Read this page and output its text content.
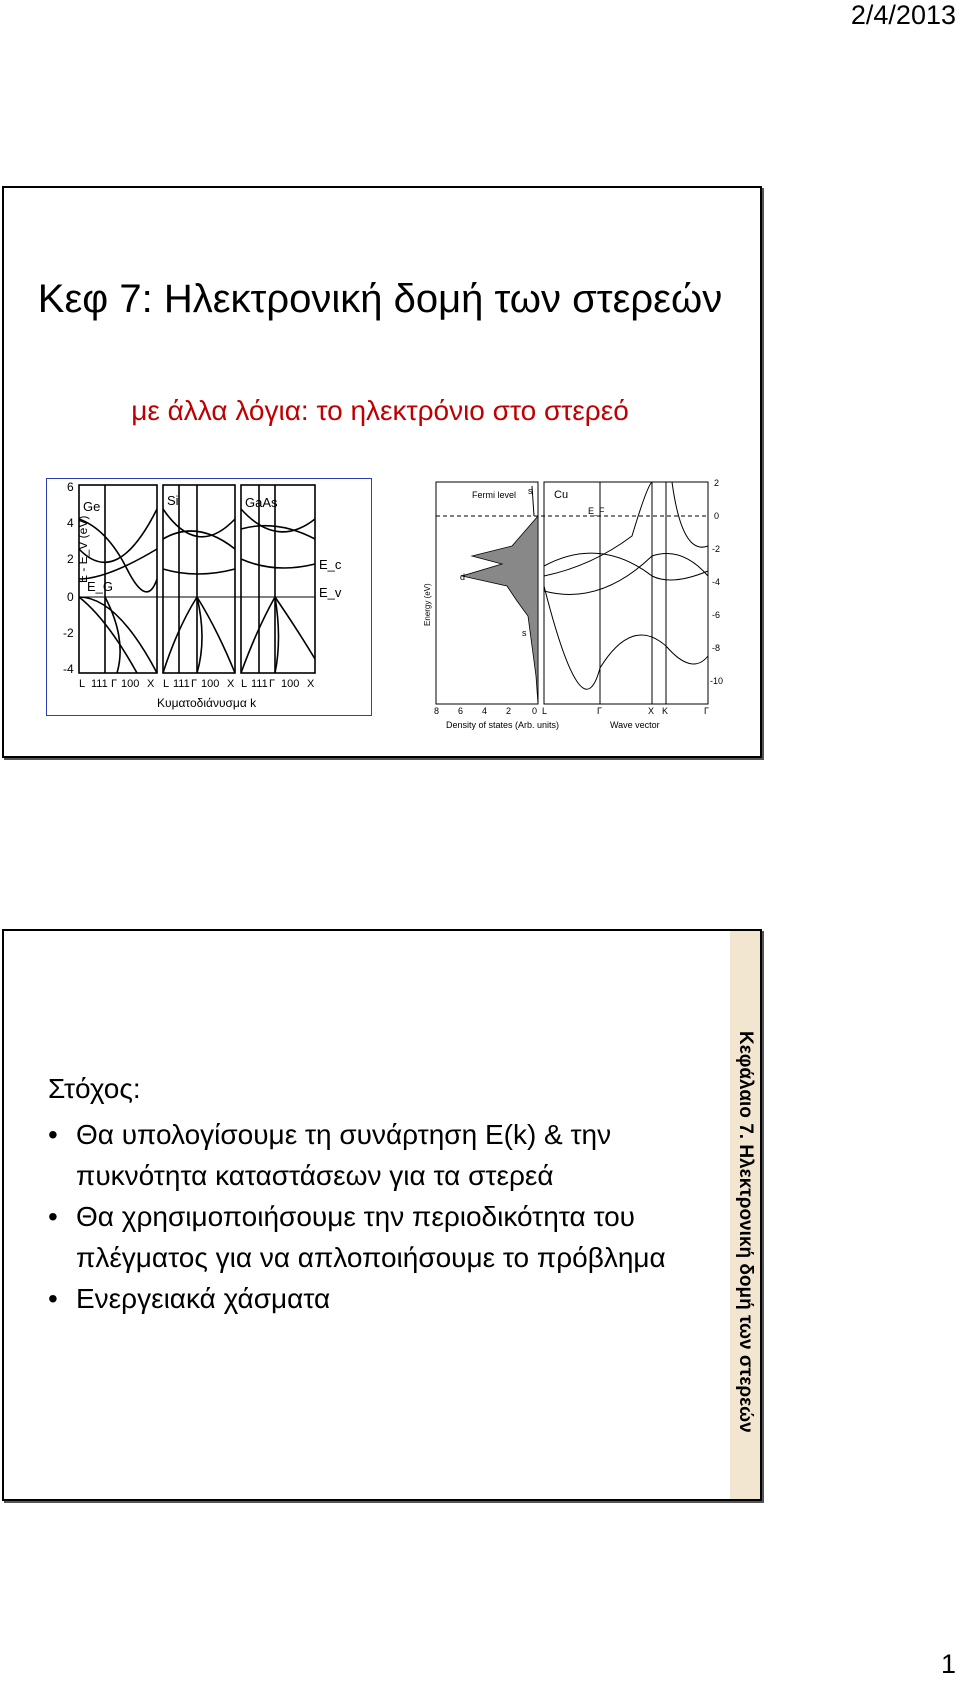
2/4/2013
Κεφ 7: Ηλεκτρονική δομή των στερεών
με άλλα λόγια: το ηλεκτρόνιο στο στερεό
6
4
2
0
-2
-4
E - E_V (eV)
Ge	Si	GaAs
E_c
E_v
E_G
L 111 Γ 100 X L 111 Γ 100 X L 111 Γ 100 X
Κυματοδιάνυσμα k
Fermi level	Cu
E_F
s
d
s
2
0
-2
-4
-6
-8
-10
8 6 4 2 0 L	Γ	X K	Γ
Density of states (Arb. units)	Wave vector
Energy (eV)
Στόχος:
• Θα υπολογίσουμε τη συνάρτηση E(k) & την πυκνότητα καταστάσεων για τα στερεά
• Θα χρησιμοποιήσουμε την περιοδικότητα του πλέγματος για να απλοποιήσουμε το πρόβλημα
• Ενεργειακά χάσματα	Κεφάλαιο 7. Ηλεκτρονική δομή των στερεών
1
